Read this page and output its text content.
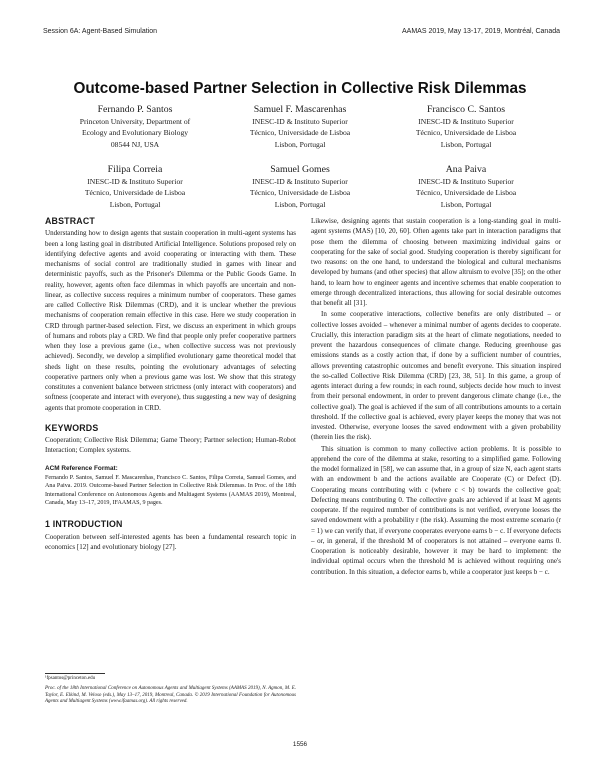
Session 6A: Agent-Based Simulation	AAMAS 2019, May 13-17, 2019, Montréal, Canada
Outcome-based Partner Selection in Collective Risk Dilemmas
Fernando P. Santos
Princeton University, Department of
Ecology and Evolutionary Biology
08544 NJ, USA
Samuel F. Mascarenhas
INESC-ID & Instituto Superior
Técnico, Universidade de Lisboa
Lisbon, Portugal
Francisco C. Santos
INESC-ID & Instituto Superior
Técnico, Universidade de Lisboa
Lisbon, Portugal
Filipa Correia
INESC-ID & Instituto Superior
Técnico, Universidade de Lisboa
Lisbon, Portugal
Samuel Gomes
INESC-ID & Instituto Superior
Técnico, Universidade de Lisboa
Lisbon, Portugal
Ana Paiva
INESC-ID & Instituto Superior
Técnico, Universidade de Lisboa
Lisbon, Portugal

ABSTRACT

Understanding how to design agents that sustain cooperation in multi-agent systems has been a long lasting goal in distributed Artificial Intelligence. Solutions proposed rely on identifying defective agents and avoid cooperating or interacting with them. These mechanisms of social control are traditionally studied in games with linear and deterministic payoffs, such as the Prisoner's Dilemma or the Public Goods Game. In reality, however, agents often face dilemmas in which payoffs are uncertain and non-linear, as collective success requires a minimum number of cooperators. These games are called Collective Risk Dilemmas (CRD), and it is unclear whether the previous mechanisms of cooperation remain effective in this case. Here we study cooperation in CRD through partner-based selection. First, we discuss an experiment in which groups of humans and robots play a CRD. We find that people only prefer cooperative partners when they lose a previous game (i.e., when collective success was not previously achieved). Secondly, we develop a simplified evolutionary game theoretical model that sheds light on these results, pointing the evolutionary advantages of selecting cooperative partners only when a previous game was lost. We show that this strategy constitutes a convenient balance between strictness (only interact with cooperators) and softness (cooperate and interact with everyone), thus suggesting a new way of designing agents that promote cooperation in CRD.

KEYWORDS

Cooperation; Collective Risk Dilemma; Game Theory; Partner selection; Human-Robot Interaction; Complex systems.

ACM Reference Format:

Fernando P. Santos, Samuel F. Mascarenhas, Francisco C. Santos, Filipa Correia, Samuel Gomes, and Ana Paiva. 2019. Outcome-based Partner Selection in Collective Risk Dilemmas. In Proc. of the 18th International Conference on Autonomous Agents and Multiagent Systems (AAMAS 2019), Montreal, Canada, May 13–17, 2019, IFAAMAS, 9 pages.

1 INTRODUCTION

Cooperation between self-interested agents has been a fundamental research topic in economics [12] and evolutionary biology [27].

¹fpsantos@princeton.edu
Proc. of the 18th International Conference on Autonomous Agents and Multiagent Systems (AAMAS 2019), N. Agmon, M. E. Taylor, E. Elkind, M. Veloso (eds.), May 13–17, 2019, Montreal, Canada. © 2019 International Foundation for Autonomous Agents and Multiagent Systems (www.ifaamas.org). All rights reserved.

Likewise, designing agents that sustain cooperation is a long-standing goal in multi-agent systems (MAS) [10, 20, 60]. Often agents take part in interaction paradigms that pose them the dilemma of choosing between maximizing individual gains or cooperating for the sake of social good. Studying cooperation is thereby significant for two reasons: on the one hand, to understand the biological and cultural mechanisms developed by humans (and other species) that allow altruism to evolve [35]; on the other hand, to learn how to engineer agents and incentive schemes that enable cooperation to emerge through decentralized interactions, thus allowing for social desirable outcomes that benefit all [31].

In some cooperative interactions, collective benefits are only distributed – or collective losses avoided – whenever a minimal number of agents decides to cooperate. Crucially, this interaction paradigm sits at the heart of climate negotiations, needed to prevent the hazardous consequences of climate change. Reducing greenhouse gas emissions stands as a costly action that, if done by a sufficient number of countries, allows preventing catastrophic outcomes and benefit everyone. This situation inspired the so-called Collective Risk Dilemma (CRD) [23, 38, 51]. In this game, a group of agents interact during a few rounds; in each round, subjects decide how much to invest from their personal endowment, in order to prevent dangerous climate change (i.e., the collective goal). The goal is achieved if the sum of all contributions amounts to a certain threshold. If the collective goal is achieved, every player keeps the money that was not invested. Otherwise, everyone looses the saved endowment with a given probability (therein lies the risk).

This situation is common to many collective action problems. It is possible to apprehend the core of the dilemma at stake, resorting to a simplified game. Following the model formalized in [58], we can assume that, in a group of size N, each agent starts with an endowment b and the actions available are Cooperate (C) or Defect (D). Cooperating means contributing with c (where c < b) towards the collective goal; Defecting means contributing 0. The collective goals are achieved if at least M agents cooperate. If the required number of contributions is not verified, everyone looses the saved endowment with a probability r (the risk). Assuming the most extreme scenario (r = 1) we can verify that, if everyone cooperates everyone earns b − c. If everyone defects – or, in general, if the threshold M of cooperators is not attained – everyone earns 0. Cooperation is noticeably desirable, however it may be hard to implement: the individual optimal occurs when the threshold M is achieved without requiring one's contribution. In this situation, a defector earns b, while a cooperator just keeps b − c.

1556
